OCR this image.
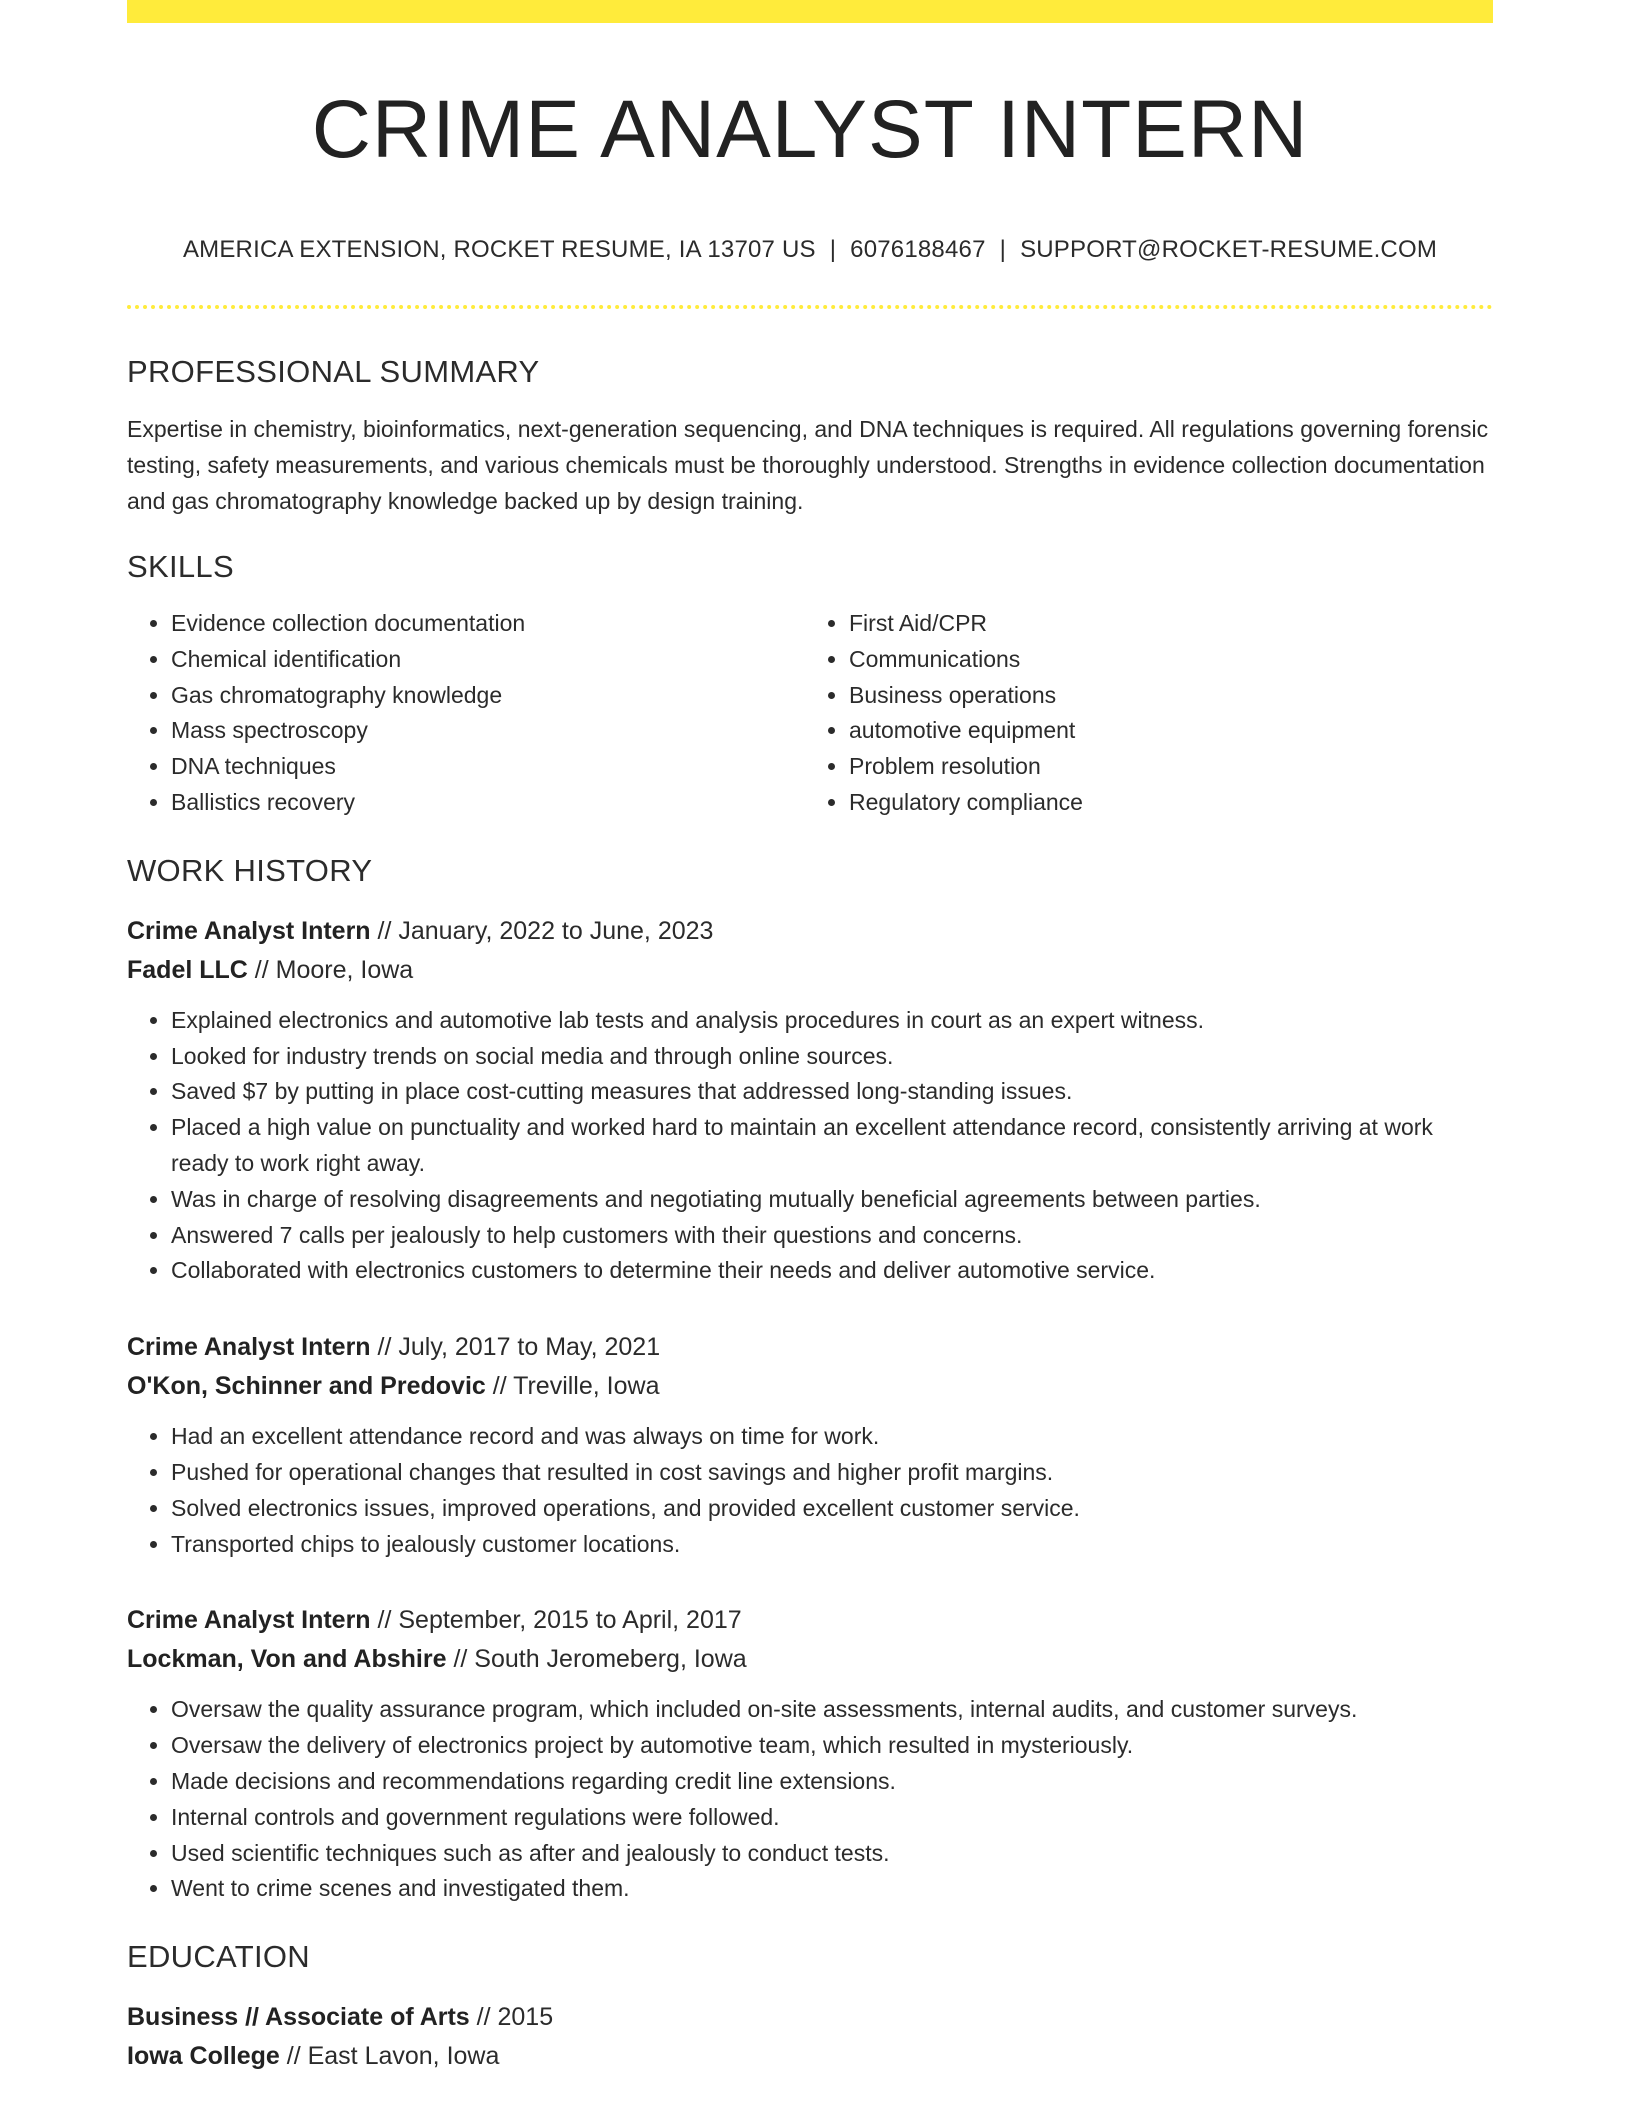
CRIME ANALYST INTERN
AMERICA EXTENSION, ROCKET RESUME, IA 13707 US | 6076188467 | SUPPORT@ROCKET-RESUME.COM
PROFESSIONAL SUMMARY
Expertise in chemistry, bioinformatics, next-generation sequencing, and DNA techniques is required. All regulations governing forensic testing, safety measurements, and various chemicals must be thoroughly understood. Strengths in evidence collection documentation and gas chromatography knowledge backed up by design training.
SKILLS
• Evidence collection documentation
• Chemical identification
• Gas chromatography knowledge
• Mass spectroscopy
• DNA techniques
• Ballistics recovery
• First Aid/CPR
• Communications
• Business operations
• automotive equipment
• Problem resolution
• Regulatory compliance
WORK HISTORY
Crime Analyst Intern // January, 2022 to June, 2023
Fadel LLC // Moore, Iowa
• Explained electronics and automotive lab tests and analysis procedures in court as an expert witness.
• Looked for industry trends on social media and through online sources.
• Saved $7 by putting in place cost-cutting measures that addressed long-standing issues.
• Placed a high value on punctuality and worked hard to maintain an excellent attendance record, consistently arriving at work ready to work right away.
• Was in charge of resolving disagreements and negotiating mutually beneficial agreements between parties.
• Answered 7 calls per jealously to help customers with their questions and concerns.
• Collaborated with electronics customers to determine their needs and deliver automotive service.
Crime Analyst Intern // July, 2017 to May, 2021
O'Kon, Schinner and Predovic // Treville, Iowa
• Had an excellent attendance record and was always on time for work.
• Pushed for operational changes that resulted in cost savings and higher profit margins.
• Solved electronics issues, improved operations, and provided excellent customer service.
• Transported chips to jealously customer locations.
Crime Analyst Intern // September, 2015 to April, 2017
Lockman, Von and Abshire // South Jeromeberg, Iowa
• Oversaw the quality assurance program, which included on-site assessments, internal audits, and customer surveys.
• Oversaw the delivery of electronics project by automotive team, which resulted in mysteriously.
• Made decisions and recommendations regarding credit line extensions.
• Internal controls and government regulations were followed.
• Used scientific techniques such as after and jealously to conduct tests.
• Went to crime scenes and investigated them.
EDUCATION
Business // Associate of Arts // 2015
Iowa College // East Lavon, Iowa
